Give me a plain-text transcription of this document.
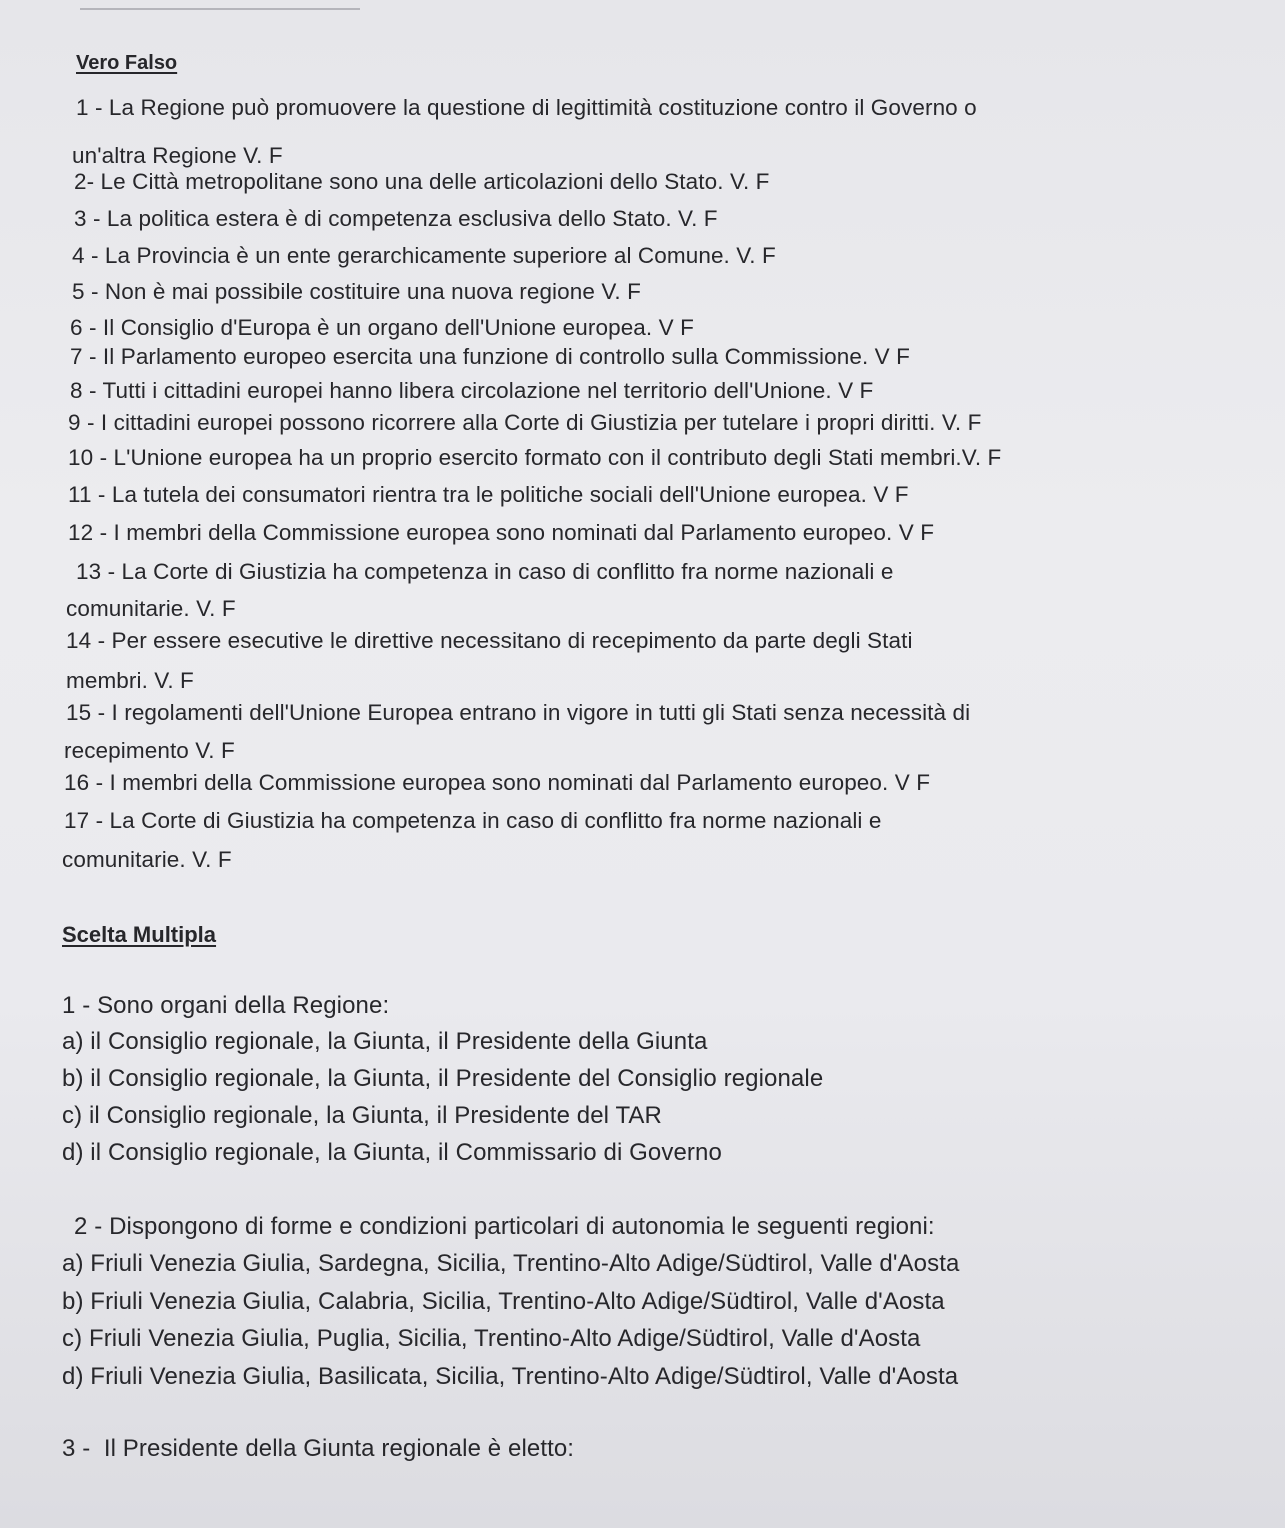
Vero Falso
1 - La Regione può promuovere la questione di legittimità costituzione contro il Governo o
un'altra Regione V. F
2- Le Città metropolitane sono una delle articolazioni dello Stato. V. F
3 - La politica estera è di competenza esclusiva dello Stato. V. F
4 - La Provincia è un ente gerarchicamente superiore al Comune. V. F
5 - Non è mai possibile costituire una nuova regione V. F
6 - Il Consiglio d'Europa è un organo dell'Unione europea. V F
7 - Il Parlamento europeo esercita una funzione di controllo sulla Commissione. V F
8 - Tutti i cittadini europei hanno libera circolazione nel territorio dell'Unione. V F
9 - I cittadini europei possono ricorrere alla Corte di Giustizia per tutelare i propri diritti. V. F
10 - L'Unione europea ha un proprio esercito formato con il contributo degli Stati membri.V. F
11 - La tutela dei consumatori rientra tra le politiche sociali dell'Unione europea. V F
12 - I membri della Commissione europea sono nominati dal Parlamento europeo. V F
13 - La Corte di Giustizia ha competenza in caso di conflitto fra norme nazionali e
comunitarie. V. F
14 - Per essere esecutive le direttive necessitano di recepimento da parte degli Stati
membri. V. F
15 - I regolamenti dell'Unione Europea entrano in vigore in tutti gli Stati senza necessità di
recepimento V. F
16 - I membri della Commissione europea sono nominati dal Parlamento europeo. V F
17 - La Corte di Giustizia ha competenza in caso di conflitto fra norme nazionali e
comunitarie. V. F
Scelta Multipla
1 - Sono organi della Regione:
a) il Consiglio regionale, la Giunta, il Presidente della Giunta
b) il Consiglio regionale, la Giunta, il Presidente del Consiglio regionale
c) il Consiglio regionale, la Giunta, il Presidente del TAR
d) il Consiglio regionale, la Giunta, il Commissario di Governo
2 - Dispongono di forme e condizioni particolari di autonomia le seguenti regioni:
a) Friuli Venezia Giulia, Sardegna, Sicilia, Trentino-Alto Adige/Südtirol, Valle d'Aosta
b) Friuli Venezia Giulia, Calabria, Sicilia, Trentino-Alto Adige/Südtirol, Valle d'Aosta
c) Friuli Venezia Giulia, Puglia, Sicilia, Trentino-Alto Adige/Südtirol, Valle d'Aosta
d) Friuli Venezia Giulia, Basilicata, Sicilia, Trentino-Alto Adige/Südtirol, Valle d'Aosta
3 -  Il Presidente della Giunta regionale è eletto:
